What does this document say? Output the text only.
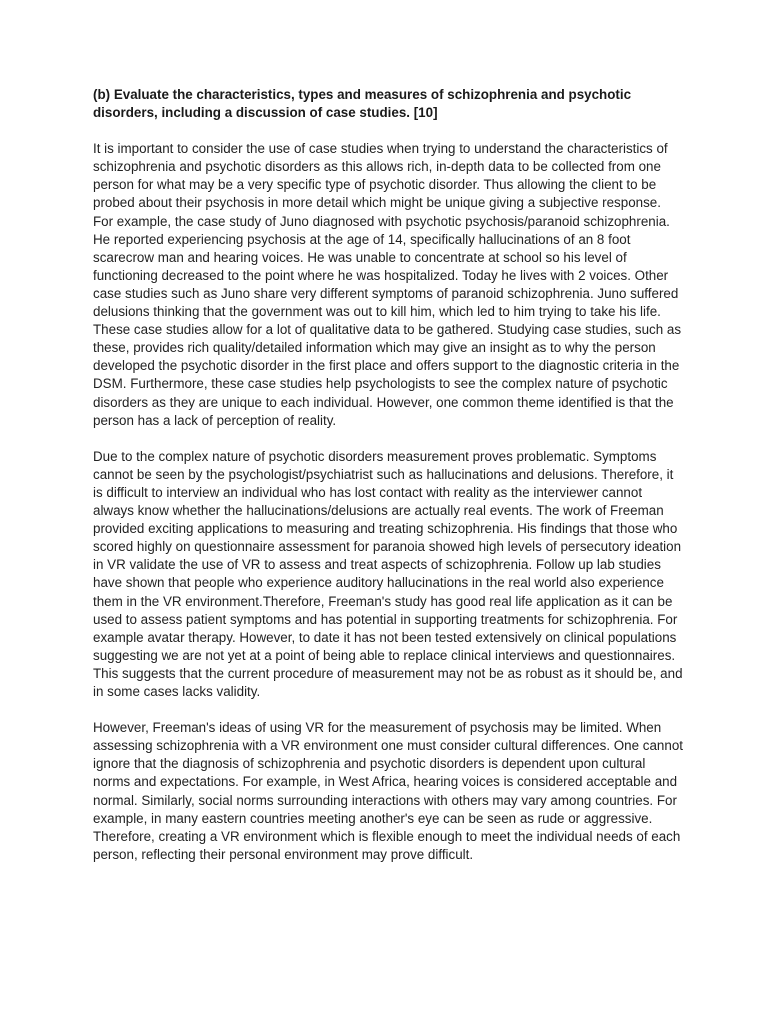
(b) Evaluate the characteristics, types and measures of schizophrenia and psychotic disorders, including a discussion of case studies. [10]

It is important to consider the use of case studies when trying to understand the characteristics of schizophrenia and psychotic disorders as this allows rich, in-depth data to be collected from one person for what may be a very specific type of psychotic disorder. Thus allowing the client to be probed about their psychosis in more detail which might be unique giving a subjective response. For example, the case study of Juno diagnosed with psychotic psychosis/paranoid schizophrenia. He reported experiencing psychosis at the age of 14, specifically hallucinations of an 8 foot scarecrow man and hearing voices. He was unable to concentrate at school so his level of functioning decreased to the point where he was hospitalized. Today he lives with 2 voices. Other case studies such as Juno share very different symptoms of paranoid schizophrenia. Juno suffered delusions thinking that the government was out to kill him, which led to him trying to take his life. These case studies allow for a lot of qualitative data to be gathered. Studying case studies, such as these, provides rich quality/detailed information which may give an insight as to why the person developed the psychotic disorder in the first place and offers support to the diagnostic criteria in the DSM. Furthermore, these case studies help psychologists to see the complex nature of psychotic disorders as they are unique to each individual. However, one common theme identified is that the person has a lack of perception of reality.

Due to the complex nature of psychotic disorders measurement proves problematic. Symptoms cannot be seen by the psychologist/psychiatrist such as hallucinations and delusions. Therefore, it is difficult to interview an individual who has lost contact with reality as the interviewer cannot always know whether the hallucinations/delusions are actually real events. The work of Freeman provided exciting applications to measuring and treating schizophrenia. His findings that those who scored highly on questionnaire assessment for paranoia showed high levels of persecutory ideation in VR validate the use of VR to assess and treat aspects of schizophrenia. Follow up lab studies have shown that people who experience auditory hallucinations in the real world also experience them in the VR environment.Therefore, Freeman's study has good real life application as it can be used to assess patient symptoms and has potential in supporting treatments for schizophrenia. For example avatar therapy. However, to date it has not been tested extensively on clinical populations suggesting we are not yet at a point of being able to replace clinical interviews and questionnaires. This suggests that the current procedure of measurement may not be as robust as it should be, and in some cases lacks validity.

However, Freeman's ideas of using VR for the measurement of psychosis may be limited. When assessing schizophrenia with a VR environment one must consider cultural differences. One cannot ignore that the diagnosis of schizophrenia and psychotic disorders is dependent upon cultural norms and expectations. For example, in West Africa, hearing voices is considered acceptable and normal. Similarly, social norms surrounding interactions with others may vary among countries. For example, in many eastern countries meeting another's eye can be seen as rude or aggressive. Therefore, creating a VR environment which is flexible enough to meet the individual needs of each person, reflecting their personal environment may prove difficult.
